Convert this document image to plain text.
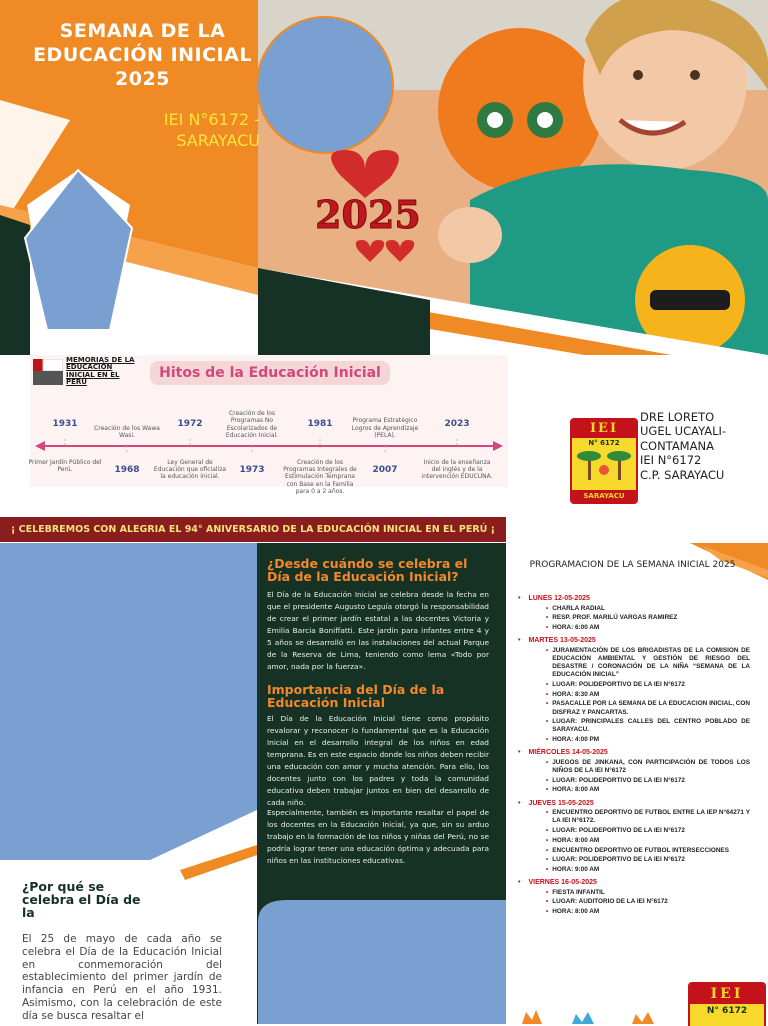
2025
SEMANA DE LA EDUCACIÓN INICIAL 2025
IEI N°6172 - SARAYACU
MEMORIAS DE LA EDUCACIÓN INICIAL EN EL PERÚ
Hitos de la Educación Inicial
1931	Creación de los Wawa Wasi.
1972
Creación de los Programas No Escolarizados de Educación Inicial.
1981	Programa Estratégico Logros de Aprendizaje (PELA).
2023
Primer Jardín Público del Perú.	1968
Ley General de Educación que oficializa la educación inicial.
1973
Creación de los Programas Integrales de Estimulación Temprana con Base en la Familia para 0 a 2 años.
2007
Inicio de la enseñanza del inglés y de la intervención EDUCUNA.
¡ CELEBREMOS CON ALEGRIA EL 94° ANIVERSARIO DE LA EDUCACIÓN INICIAL EN EL PERÚ ¡
IEI
N° 6172
SARAYACU
DRE LORETO
UGEL UCAYALI-
CONTAMANA
IEI N°6172
C.P. SARAYACU
¿Desde cuándo se celebra el Día de la Educación Inicial?
El Día de la Educación Inicial se celebra desde la fecha en que el presidente Augusto Leguía otorgó la responsabilidad de crear el primer jardín estatal a las docentes Victoria y Emilia Barcia Boniffatti. Este jardín para infantes entre 4 y 5 años se desarrolló en las instalaciones del actual Parque de la Reserva de Lima, teniendo como lema «Todo por amor, nada por la fuerza».
Importancia del Día de la Educación Inicial
El Día de la Educación Inicial tiene como propósito revalorar y reconocer lo fundamental que es la Educación Inicial en el desarrollo integral de los niños en edad temprana. Es en este espacio donde los niños deben recibir una educación con amor y mucha atención. Para ello, los docentes junto con los padres y toda la comunidad educativa deben trabajar juntos en bien del desarrollo de cada niño.
Especialmente, también es importante resaltar el papel de los docentes en la Educación Inicial, ya que, sin su arduo trabajo en la formación de los niños y niñas del Perú, no se podría lograr tener una educación óptima y adecuada para niños en las instituciones educativas.
¿Por qué se celebra el Día de la
El 25 de mayo de cada año se celebra el Día de la Educación Inicial en conmemoración del establecimiento del primer jardín de infancia en Perú en el año 1931. Asimismo, con la celebración de este día se busca resaltar el
PROGRAMACION DE LA SEMANA INICIAL 2025
• LUNES 12-05-2025
• CHARLA RADIAL
• RESP. PROF. MARILÚ VARGAS RAMIREZ
• HORA: 6:00 AM
• MARTES 13-05-2025
• JURAMENTACIÓN DE LOS BRIGADISTAS DE LA COMISION DE EDUCACIÓN AMBIENTAL Y GESTIÓN DE RIESGO DEL DESASTRE / CORONACIÓN DE LA NIÑA “SEMANA DE LA EDUCACIÓN INICIAL”
• LUGAR: POLIDEPORTIVO DE LA IEI N°6172
• HORA: 8:30 AM
• PASACALLE POR LA SEMANA DE LA EDUCACION INICIAL, CON DISFRAZ Y PANCARTAS.
• LUGAR: PRINCIPALES CALLES DEL CENTRO POBLADO DE SARAYACU.
• HORA: 4:00 PM
• MIÉRCOLES 14-05-2025
• JUEGOS DE JINKANA, CON PARTICIPACIÓN DE TODOS LOS NIÑOS DE LA IEI N°6172
• LUGAR: POLIDEPORTIVO DE LA IEI N°6172
• HORA: 8:00 AM
• JUEVES 15-05-2025
• ENCUENTRO DEPORTIVO DE FUTBOL ENTRE LA IEP N°64271 Y LA IEI N°6172.
• LUGAR: POLIDEPORTIVO DE LA IEI N°6172
• HORA: 8:00 AM
• ENCUENTRO DEPORTIVO DE FUTBOL INTERSECCIONES
• LUGAR: POLIDEPORTIVO DE LA IEI N°6172
• HORA: 9:00 AM
• VIERNES 16-05-2025
• FIESTA INFANTIL
• LUGAR: AUDITORIO DE LA IEI N°6172
• HORA: 8:00 AM
IEI
N° 6172
